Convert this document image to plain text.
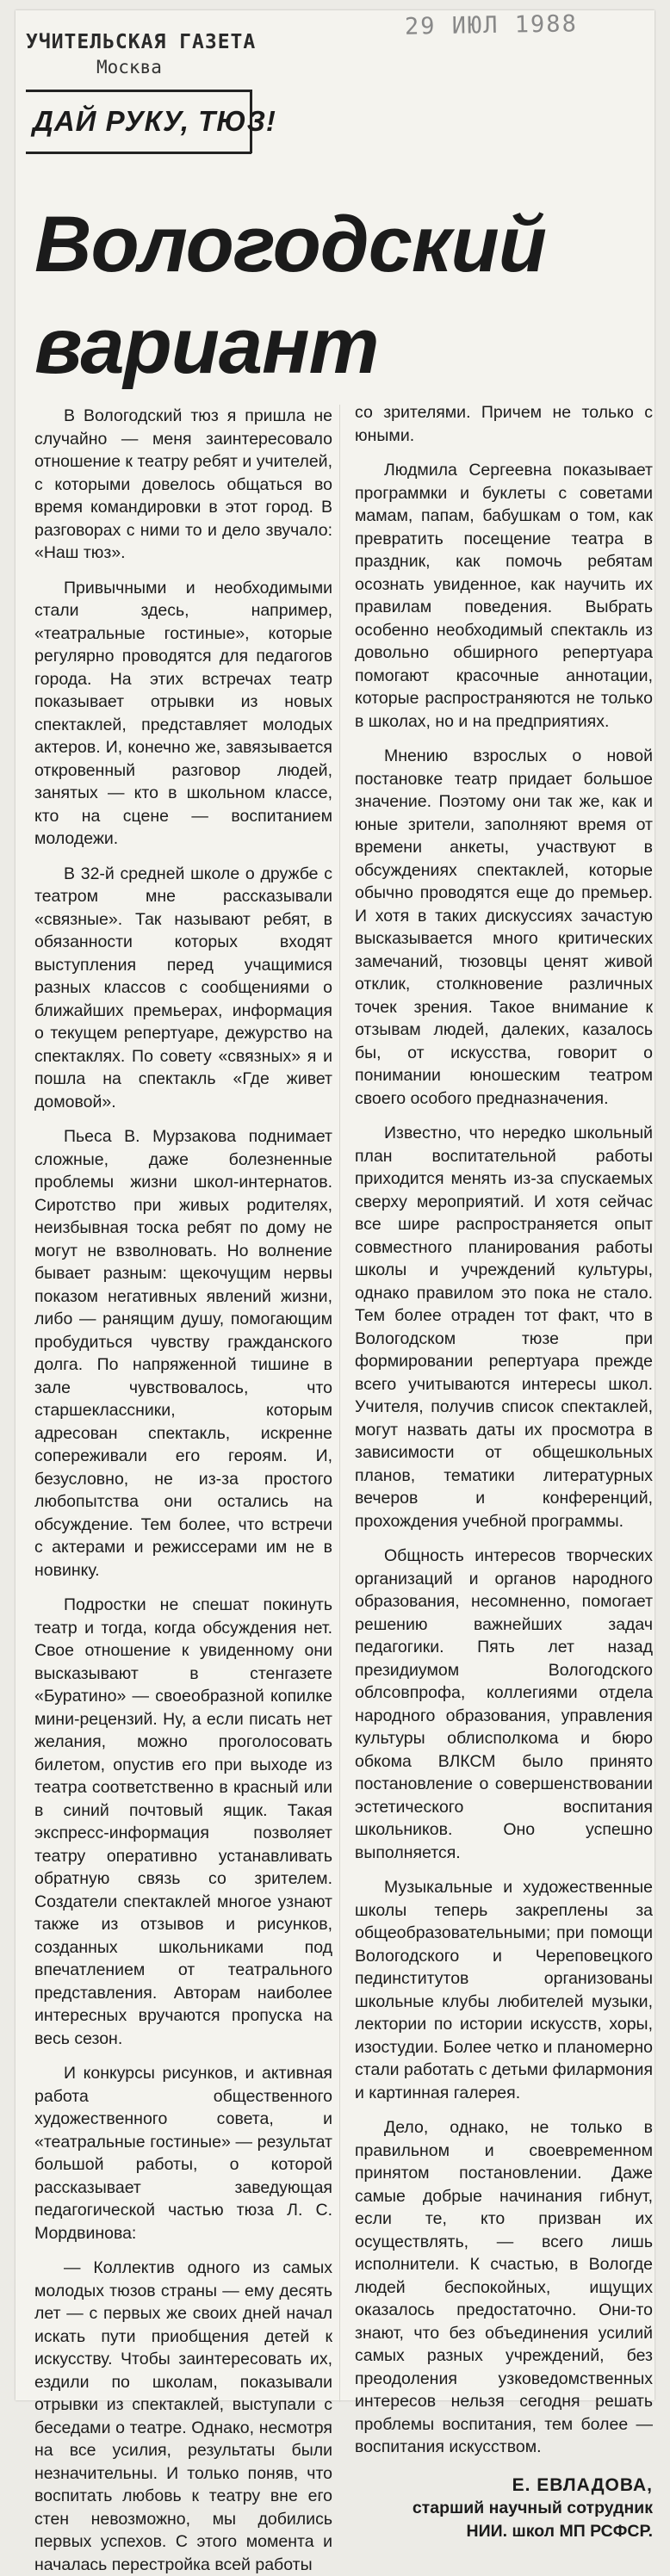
УЧИТЕЛЬСКАЯ ГАЗЕТА
Москва
29 ИЮЛ 1988
ДАЙ РУКУ, ТЮЗ!
Вологодский
вариант

В Вологодский тюз я пришла не случайно — меня заинтересовало отношение к театру ребят и учителей, с которыми довелось общаться во время командировки в этот город. В разговорах с ними то и дело звучало: «Наш тюз».

Привычными и необходимыми стали здесь, например, «театральные гостиные», которые регулярно проводятся для педагогов города. На этих встречах театр показывает отрывки из новых спектаклей, представляет молодых актеров. И, конечно же, завязывается откровенный разговор людей, занятых — кто в школьном классе, кто на сцене — воспитанием молодежи.

В 32-й средней школе о дружбе с театром мне рассказывали «связные». Так называют ребят, в обязанности которых входят выступления перед учащимися разных классов с сообщениями о ближайших премьерах, информация о текущем репертуаре, дежурство на спектаклях. По совету «связных» я и пошла на спектакль «Где живет домовой».

Пьеса В. Мурзакова поднимает сложные, даже болезненные проблемы жизни школ-интернатов. Сиротство при живых родителях, неизбывная тоска ребят по дому не могут не взволновать. Но волнение бывает разным: щекочущим нервы показом негативных явлений жизни, либо — ранящим душу, помогающим пробудиться чувству гражданского долга. По напряженной тишине в зале чувствовалось, что старшеклассники, которым адресован спектакль, искренне сопереживали его героям. И, безусловно, не из-за простого любопытства они остались на обсуждение. Тем более, что встречи с актерами и режиссерами им не в новинку.

Подростки не спешат покинуть театр и тогда, когда обсуждения нет. Свое отношение к увиденному они высказывают в стенгазете «Буратино» — своеобразной копилке мини-рецензий. Ну, а если писать нет желания, можно проголосовать билетом, опустив его при выходе из театра соответственно в красный или в синий почтовый ящик. Такая экспресс-информация позволяет театру оперативно устанавливать обратную связь со зрителем. Создатели спектаклей многое узнают также из отзывов и рисунков, созданных школьниками под впечатлением от театрального представления. Авторам наиболее интересных вручаются пропуска на весь сезон.

И конкурсы рисунков, и активная работа общественного художественного совета, и «театральные гостиные» — результат большой работы, о которой рассказывает заведующая педагогической частью тюза Л. С. Мордвинова:

— Коллектив одного из самых молодых тюзов страны — ему десять лет — с первых же своих дней начал искать пути приобщения детей к искусству. Чтобы заинтересовать их, ездили по школам, показывали отрывки из спектаклей, выступали с беседами о театре. Однако, несмотря на все усилия, результаты были незначительны. И только поняв, что воспитать любовь к театру вне его стен невозможно, мы добились первых успехов. С этого момента и началась перестройка всей работы

со зрителями. Причем не только с юными.

Людмила Сергеевна показывает программки и буклеты с советами мамам, папам, бабушкам о том, как превратить посещение театра в праздник, как помочь ребятам осознать увиденное, как научить их правилам поведения. Выбрать особенно необходимый спектакль из довольно обширного репертуара помогают красочные аннотации, которые распространяются не только в школах, но и на предприятиях.

Мнению взрослых о новой постановке театр придает большое значение. Поэтому они так же, как и юные зрители, заполняют время от времени анкеты, участвуют в обсуждениях спектаклей, которые обычно проводятся еще до премьер. И хотя в таких дискуссиях зачастую высказывается много критических замечаний, тюзовцы ценят живой отклик, столкновение различных точек зрения. Такое внимание к отзывам людей, далеких, казалось бы, от искусства, говорит о понимании юношеским театром своего особого предназначения.

Известно, что нередко школьный план воспитательной работы приходится менять из-за спускаемых сверху мероприятий. И хотя сейчас все шире распространяется опыт совместного планирования работы школы и учреждений культуры, однако правилом это пока не стало. Тем более отраден тот факт, что в Вологодском тюзе при формировании репертуара прежде всего учитываются интересы школ. Учителя, получив список спектаклей, могут назвать даты их просмотра в зависимости от общешкольных планов, тематики литературных вечеров и конференций, прохождения учебной программы.

Общность интересов творческих организаций и органов народного образования, несомненно, помогает решению важнейших задач педагогики. Пять лет назад президиумом Вологодского облсовпрофа, коллегиями отдела народного образования, управления культуры облисполкома и бюро обкома ВЛКСМ было принято постановление о совершенствовании эстетического воспитания школьников. Оно успешно выполняется.

Музыкальные и художественные школы теперь закреплены за общеобразовательными; при помощи Вологодского и Череповецкого пединститутов организованы школьные клубы любителей музыки, лектории по истории искусств, хоры, изостудии. Более четко и планомерно стали работать с детьми филармония и картинная галерея.

Дело, однако, не только в правильном и своевременном принятом постановлении. Даже самые добрые начинания гибнут, если те, кто призван их осуществлять, — всего лишь исполнители. К счастью, в Вологде людей беспокойных, ищущих оказалось предостаточно. Они-то знают, что без объединения усилий самых разных учреждений, без преодоления узковедомственных интересов нельзя сегодня решать проблемы воспитания, тем более — воспитания искусством.

Е. ЕВЛАДОВА,
старший научный сотрудник
НИИ. школ МП РСФСР.
